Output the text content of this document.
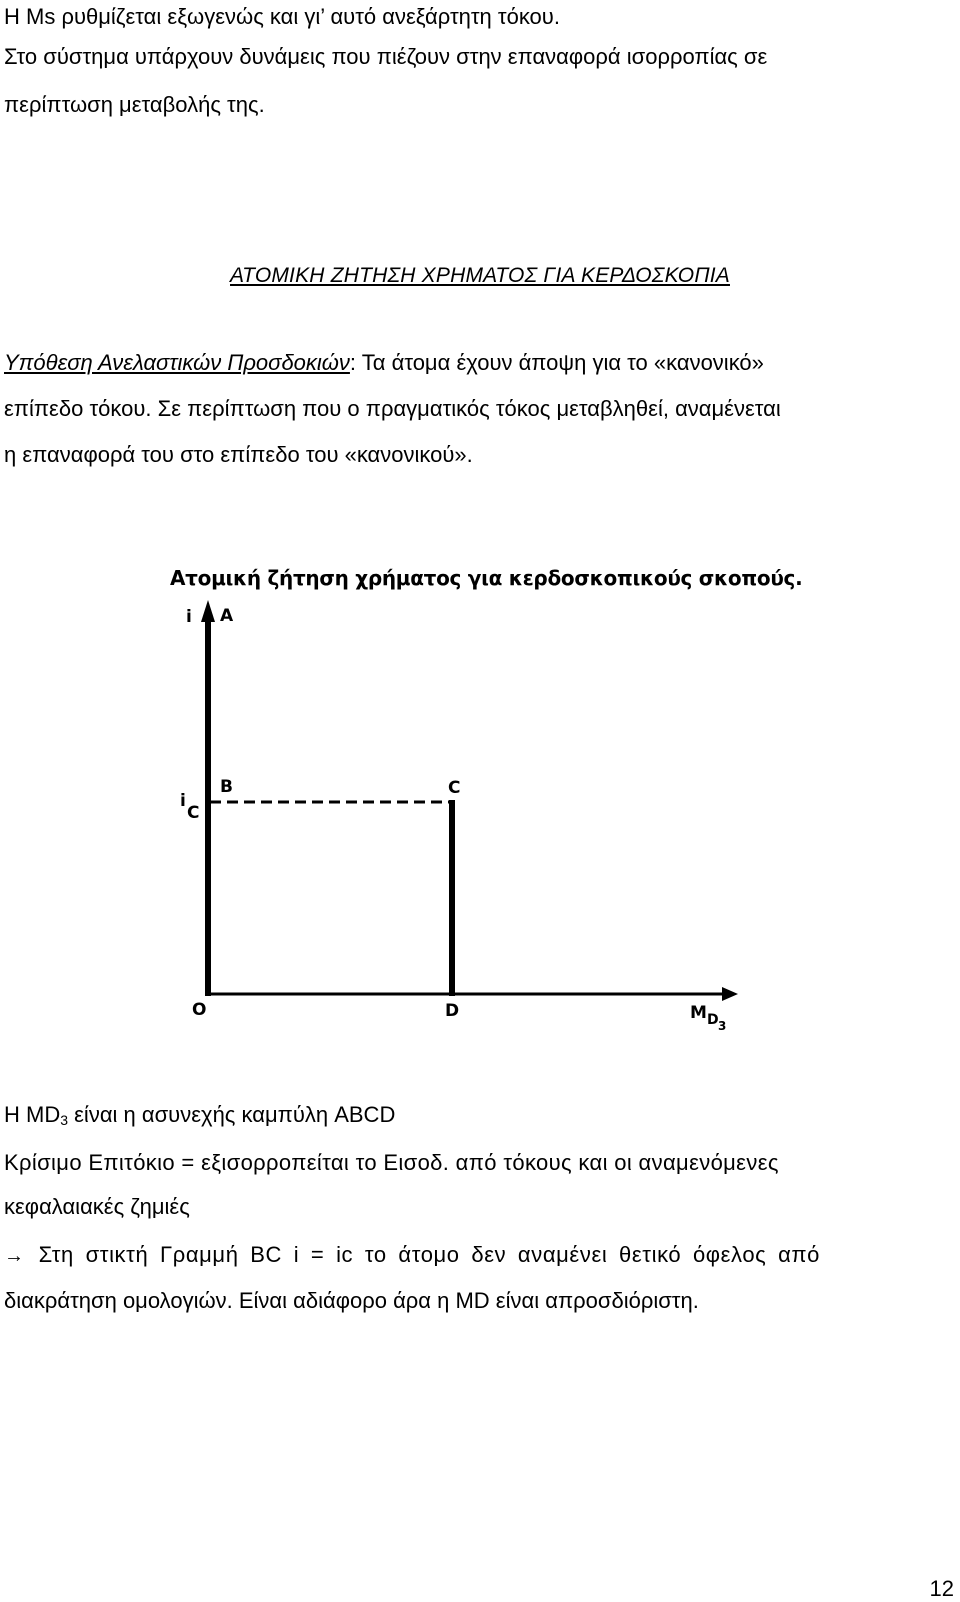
Η Ms ρυθμίζεται εξωγενώς και γι’ αυτό ανεξάρτητη τόκου.
Στο σύστημα υπάρχουν δυνάμεις που πιέζουν στην επαναφορά ισορροπίας σε
περίπτωση μεταβολής της.
ΑΤΟΜΙΚΗ ΖΗΤΗΣΗ ΧΡΗΜΑΤΟΣ ΓΙΑ ΚΕΡΔΟΣΚΟΠΙΑ
Υπόθεση Ανελαστικών Προσδοκιών: Τα άτομα έχουν άποψη για το «κανονικό»
επίπεδο τόκου. Σε περίπτωση που ο πραγματικός τόκος μεταβληθεί, αναμένεται
η επαναφορά του στο επίπεδο του «κανονικού».
Ατομική ζήτηση χρήματος για κερδοσκοπικούς σκοπούς.
i A
B	C
i
C
O	D	M D 3
Η $MD_3$ είναι η ασυνεχής καμπύλη ABCD
Κρίσιμο Επιτόκιο = εξισορροπείται το Εισοδ. από τόκους και οι αναμενόμενες
κεφαλαιακές ζημιές
→ Στη στικτή Γραμμή BC i = ic το άτομο δεν αναμένει θετικό όφελος από
διακράτηση ομολογιών. Είναι αδιάφορο άρα η MD είναι απροσδιόριστη.
12
